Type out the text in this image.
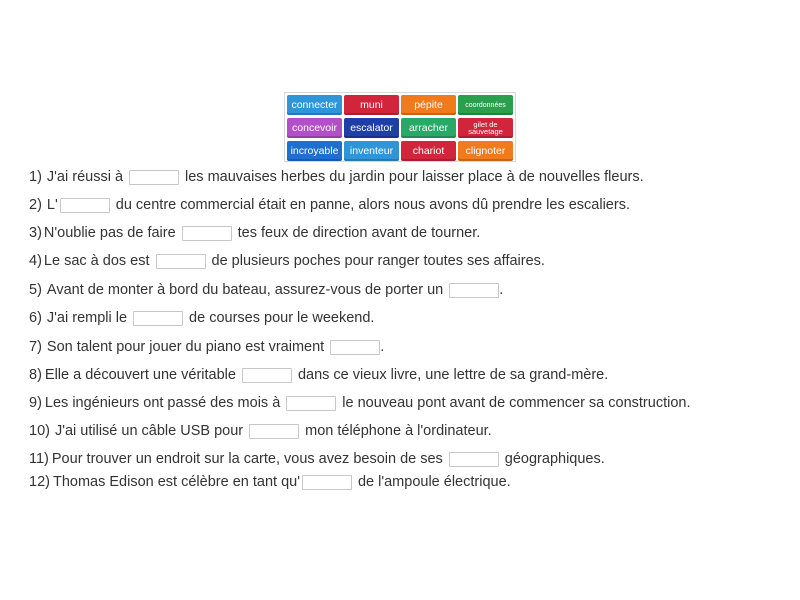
connecter	muni	pépite	coordonnées
concevoir	escalator	arracher	gilet de sauvetage
incroyable	inventeur	chariot	clignoter
1) J'ai réussi à	les mauvaises herbes du jardin pour laisser place à de nouvelles fleurs.
2) L'	du centre commercial était en panne, alors nous avons dû prendre les escaliers.
3) N'oublie pas de faire	tes feux de direction avant de tourner.
4) Le sac à dos est	de plusieurs poches pour ranger toutes ses affaires.
5) Avant de monter à bord du bateau, assurez-vous de porter un	.
6) J'ai rempli le	de courses pour le weekend.
7) Son talent pour jouer du piano est vraiment	.
8) Elle a découvert une véritable	dans ce vieux livre, une lettre de sa grand-mère.
9) Les ingénieurs ont passé des mois à	le nouveau pont avant de commencer sa construction.
10) J'ai utilisé un câble USB pour	mon téléphone à l'ordinateur.
11) Pour trouver un endroit sur la carte, vous avez besoin de ses	géographiques.
12) Thomas Edison est célèbre en tant qu'	de l'ampoule électrique.
